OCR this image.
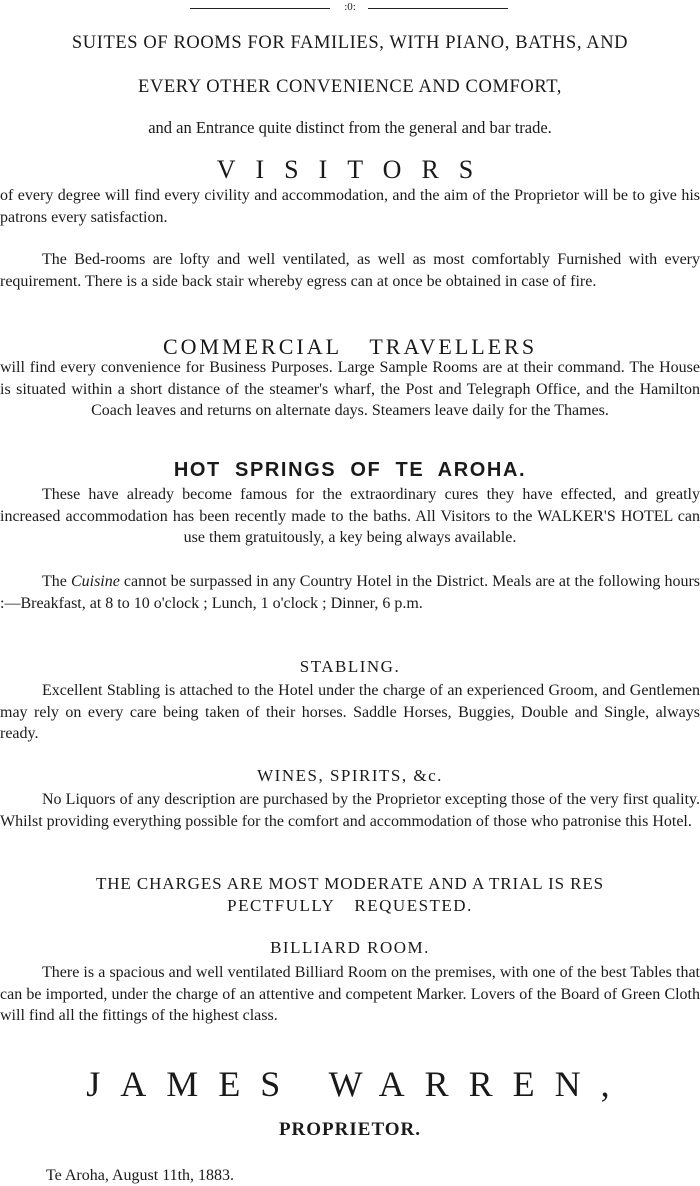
:0:

SUITES OF ROOMS FOR FAMILIES, WITH PIANO, BATHS, AND

EVERY OTHER CONVENIENCE AND COMFORT,

and an Entrance quite distinct from the general and bar trade.

VISITORS

of every degree will find every civility and accommodation, and the aim of the Proprietor will be to give his patrons every satisfaction.

The Bed-rooms are lofty and well ventilated, as well as most comfortably Furnished with every requirement. There is a side back stair whereby egress can at once be obtained in case of fire.

COMMERCIAL TRAVELLERS

will find every convenience for Business Purposes. Large Sample Rooms are at their command. The House is situated within a short distance of the steamer's wharf, the Post and Telegraph Office, and the Hamilton Coach leaves and returns on alternate days. Steamers leave daily for the Thames.

HOT SPRINGS OF TE AROHA.

These have already become famous for the extraordinary cures they have effected, and greatly increased accommodation has been recently made to the baths. All Visitors to the WALKER'S HOTEL can use them gratuitously, a key being always available.

The Cuisine cannot be surpassed in any Country Hotel in the District. Meals are at the following hours :—Breakfast, at 8 to 10 o'clock ; Lunch, 1 o'clock ; Dinner, 6 p.m.

STABLING.

Excellent Stabling is attached to the Hotel under the charge of an experienced Groom, and Gentlemen may rely on every care being taken of their horses. Saddle Horses, Buggies, Double and Single, always ready.

WINES, SPIRITS, &c.

No Liquors of any description are purchased by the Proprietor excepting those of the very first quality. Whilst providing everything possible for the comfort and accommodation of those who patronise this Hotel.

THE CHARGES ARE MOST MODERATE AND A TRIAL IS RES
PECTFULLY REQUESTED.
BILLIARD ROOM.

There is a spacious and well ventilated Billiard Room on the premises, with one of the best Tables that can be imported, under the charge of an attentive and competent Marker. Lovers of the Board of Green Cloth will find all the fittings of the highest class.

JAMES WARREN,
PROPRIETOR.

Te Aroha, August 11th, 1883.
